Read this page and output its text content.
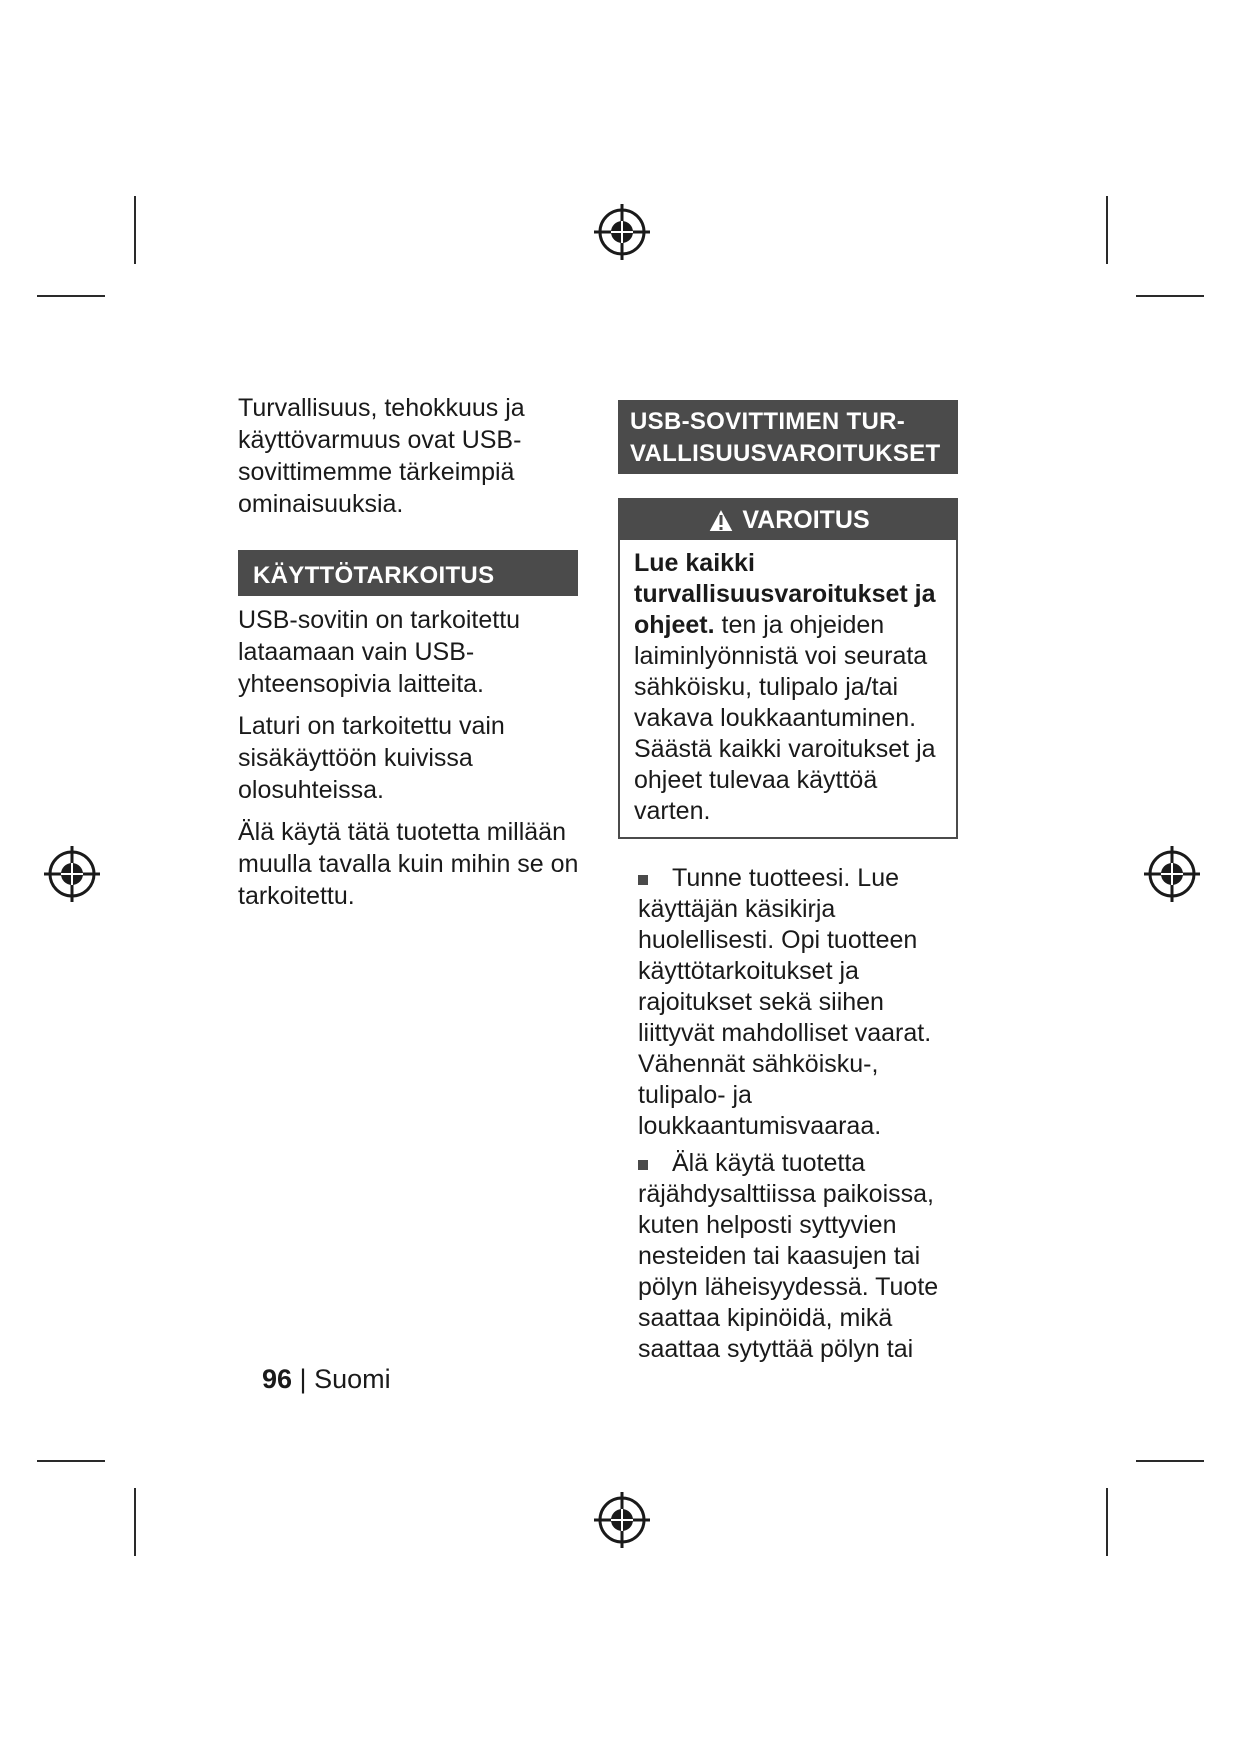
Turvallisuus, tehokkuus ja käyttövarmuus ovat USB-sovittimemme tärkeimpiä ominaisuuksia.

KÄYTTÖTARKOITUS

USB-sovitin on tarkoitettu lataamaan vain USB-yhteensopivia laitteita.

Laturi on tarkoitettu vain sisäkäyttöön kuivissa olosuhteissa.

Älä käytä tätä tuotetta millään muulla tavalla kuin mihin se on tarkoitettu.

USB-SOVITTIMEN TUR-VALLISUUSVAROITUKSET
VAROITUS
Lue kaikki turvallisuusvaroitukset ja ohjeet. ten ja ohjeiden laiminlyönnistä voi seurata sähköisku, tulipalo ja/tai vakava loukkaantuminen. Säästä kaikki varoitukset ja ohjeet tulevaa käyttöä varten.
Tunne tuotteesi. Lue käyttäjän käsikirja huolellisesti. Opi tuotteen käyttötarkoitukset ja rajoitukset sekä siihen liittyvät mahdolliset vaarat. Vähennät sähköisku-, tulipalo- ja loukkaantumisvaaraa.
Älä käytä tuotetta räjähdysalttiissa paikoissa, kuten helposti syttyvien nesteiden tai kaasujen tai pölyn läheisyydessä. Tuote saattaa kipinöidä, mikä saattaa sytyttää pölyn tai
96 | Suomi
